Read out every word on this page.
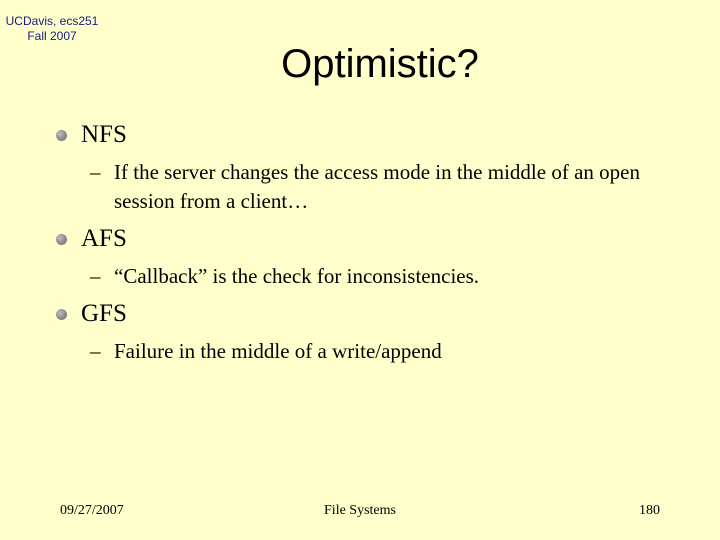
UCDavis, ecs251
Fall 2007
Optimistic?
NFS
– If the server changes the access mode in the middle of an open session from a client…
AFS
– “Callback” is the check for inconsistencies.
GFS
– Failure in the middle of a write/append
09/27/2007	File Systems	180
